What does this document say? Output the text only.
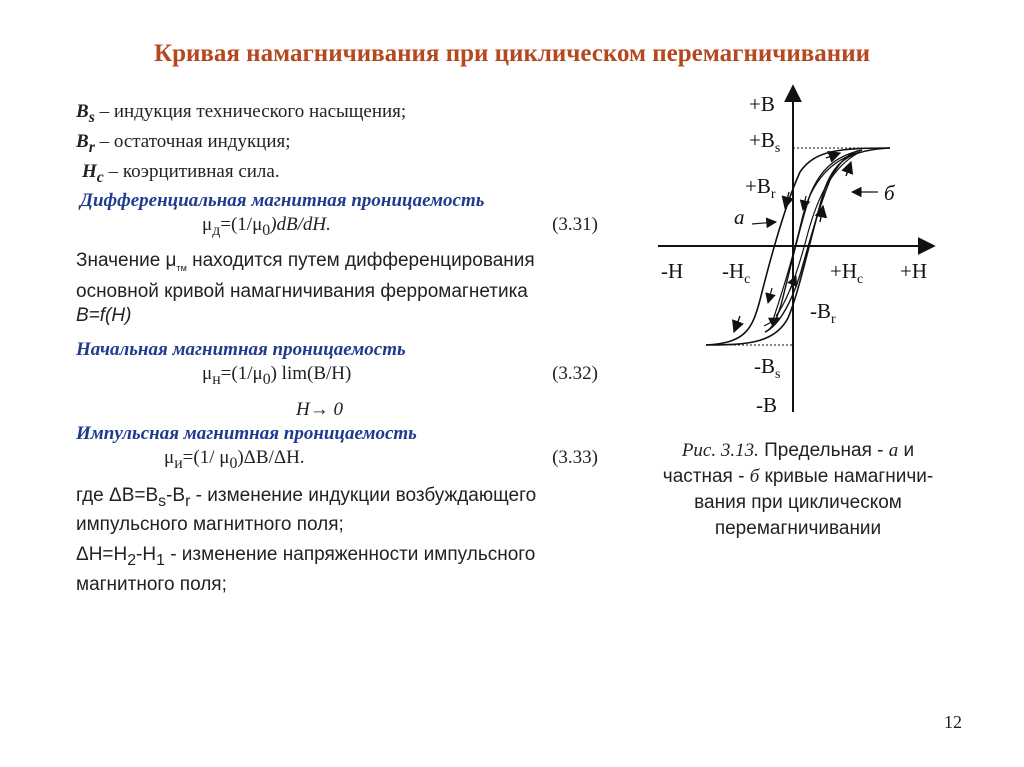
Кривая намагничивания при циклическом перемагничивании
$B_s$ – индукция технического насыщения;
$B_r$ – остаточная индукция;
$H_c$ – коэрцитивная сила.
Дифференциальная магнитная проницаемость
$\mu_д=(1/\mu_0)dB/dH$.	(3.31)
Значение $\mu_{тм}$ находится путем дифференцирования
основной кривой намагничивания ферромагнетика
B=f(H)
Начальная магнитная проницаемость
$\mu_н=(1/\mu_0)$ lim(B/H)	(3.32)
H→ 0
Импульсная магнитная проницаемость
$\mu_и=(1/$ $\mu_0)\Delta B/\Delta H$.	(3.33)
где $\Delta B=B_s-B_r$ - изменение индукции возбуждающего
импульсного магнитного поля;
$\Delta H=H_2-H_1$ - изменение напряженности импульсного
магнитного поля;
+B
$+B_s$
$+B_r$
a
б
-H $-H_c$	$+H_c +H$
$-B_r$
$-B_s$
-B
Рис. 3.13. Предельная - а и
частная - б кривые намагничи-
вания при циклическом
перемагничивании
12
